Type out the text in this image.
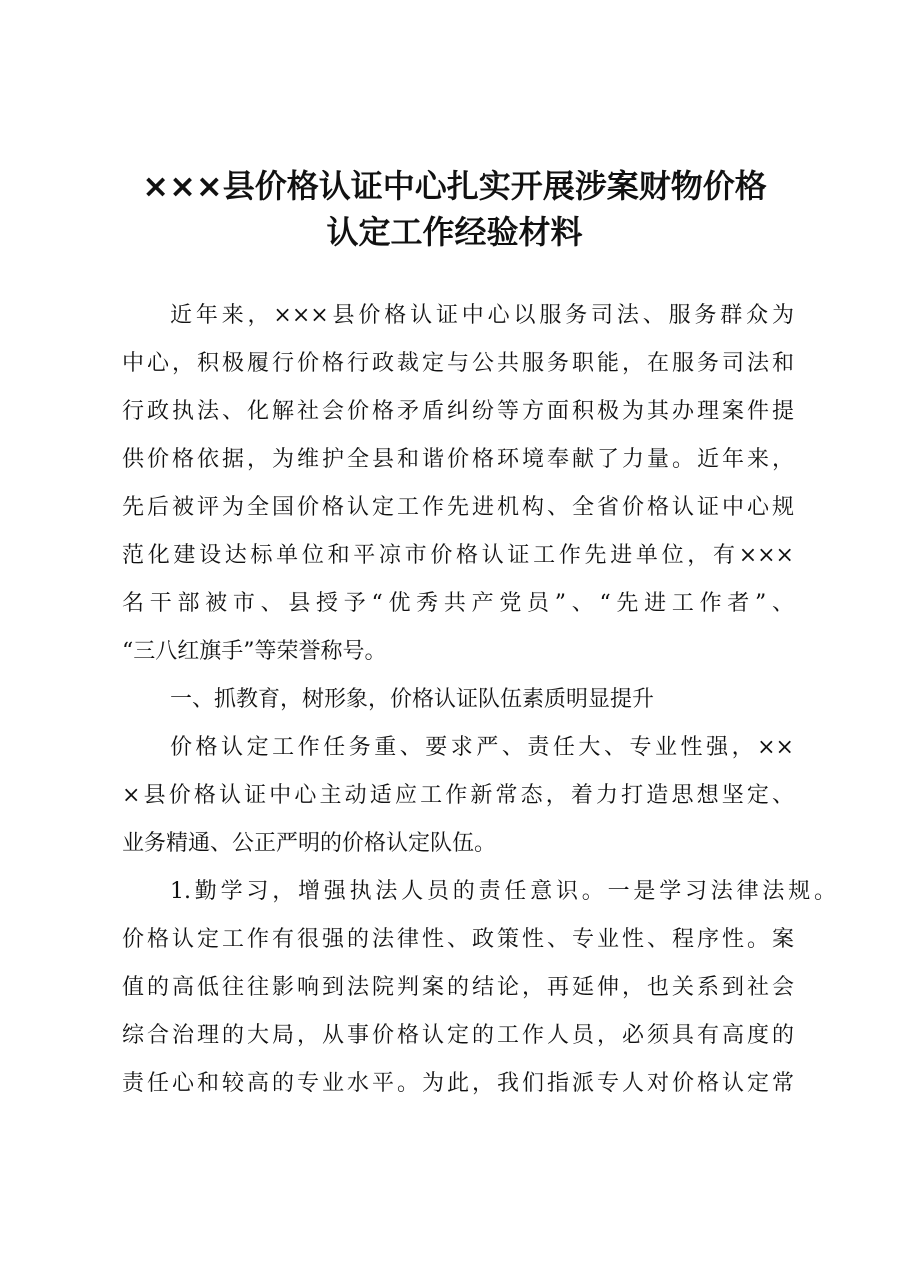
×××县价格认证中心扎实开展涉案财物价格
认定工作经验材料
近年来，×××县价格认证中心以服务司法、服务群众为
中心，积极履行价格行政裁定与公共服务职能，在服务司法和
行政执法、化解社会价格矛盾纠纷等方面积极为其办理案件提
供价格依据，为维护全县和谐价格环境奉献了力量。近年来，
先后被评为全国价格认定工作先进机构、全省价格认证中心规
范化建设达标单位和平凉市价格认证工作先进单位，有×××
名干部被市、县授予“优秀共产党员”、“先进工作者”、
“三八红旗手”等荣誉称号。
一、抓教育，树形象，价格认证队伍素质明显提升
价格认定工作任务重、要求严、责任大、专业性强，××
×县价格认证中心主动适应工作新常态，着力打造思想坚定、
业务精通、公正严明的价格认定队伍。
1.勤学习，增强执法人员的责任意识。一是学习法律法规。
价格认定工作有很强的法律性、政策性、专业性、程序性。案
值的高低往往影响到法院判案的结论，再延伸，也关系到社会
综合治理的大局，从事价格认定的工作人员，必须具有高度的
责任心和较高的专业水平。为此，我们指派专人对价格认定常
